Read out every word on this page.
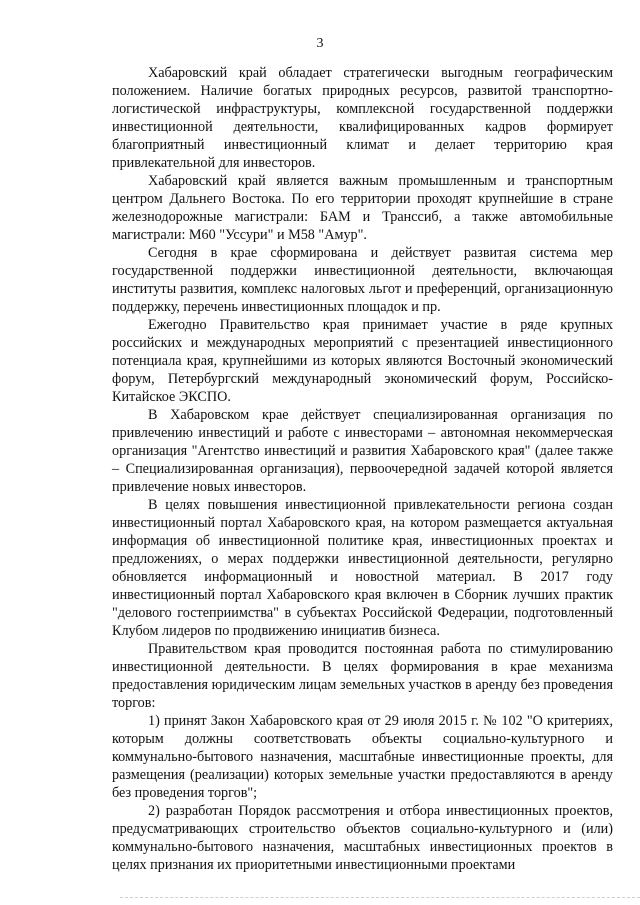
3

Хабаровский край обладает стратегически выгодным географическим положением. Наличие богатых природных ресурсов, развитой транспортно-логистической инфраструктуры, комплексной государственной поддержки инвестиционной деятельности, квалифицированных кадров формирует благоприятный инвестиционный климат и делает территорию края привлекательной для инвесторов.

Хабаровский край является важным промышленным и транспортным центром Дальнего Востока. По его территории проходят крупнейшие в стране железнодорожные магистрали: БАМ и Транссиб, а также автомобильные магистрали: М60 "Уссури" и М58 "Амур".

Сегодня в крае сформирована и действует развитая система мер государственной поддержки инвестиционной деятельности, включающая институты развития, комплекс налоговых льгот и преференций, организационную поддержку, перечень инвестиционных площадок и пр.

Ежегодно Правительство края принимает участие в ряде крупных российских и международных мероприятий с презентацией инвестиционного потенциала края, крупнейшими из которых являются Восточный экономический форум, Петербургский международный экономический форум, Российско-Китайское ЭКСПО.

В Хабаровском крае действует специализированная организация по привлечению инвестиций и работе с инвесторами – автономная некоммерческая организация "Агентство инвестиций и развития Хабаровского края" (далее также – Специализированная организация), первоочередной задачей которой является привлечение новых инвесторов.

В целях повышения инвестиционной привлекательности региона создан инвестиционный портал Хабаровского края, на котором размещается актуальная информация об инвестиционной политике края, инвестиционных проектах и предложениях, о мерах поддержки инвестиционной деятельности, регулярно обновляется информационный и новостной материал. В 2017 году инвестиционный портал Хабаровского края включен в Сборник лучших практик "делового гостеприимства" в субъектах Российской Федерации, подготовленный Клубом лидеров по продвижению инициатив бизнеса.

Правительством края проводится постоянная работа по стимулированию инвестиционной деятельности. В целях формирования в крае механизма предоставления юридическим лицам земельных участков в аренду без проведения торгов:

1) принят Закон Хабаровского края от 29 июля 2015 г. № 102 "О критериях, которым должны соответствовать объекты социально-культурного и коммунально-бытового назначения, масштабные инвестиционные проекты, для размещения (реализации) которых земельные участки предоставляются в аренду без проведения торгов";

2) разработан Порядок рассмотрения и отбора инвестиционных проектов, предусматривающих строительство объектов социально-культурного и (или) коммунально-бытового назначения, масштабных инвестиционных проектов в целях признания их приоритетными инвестиционными проектами
